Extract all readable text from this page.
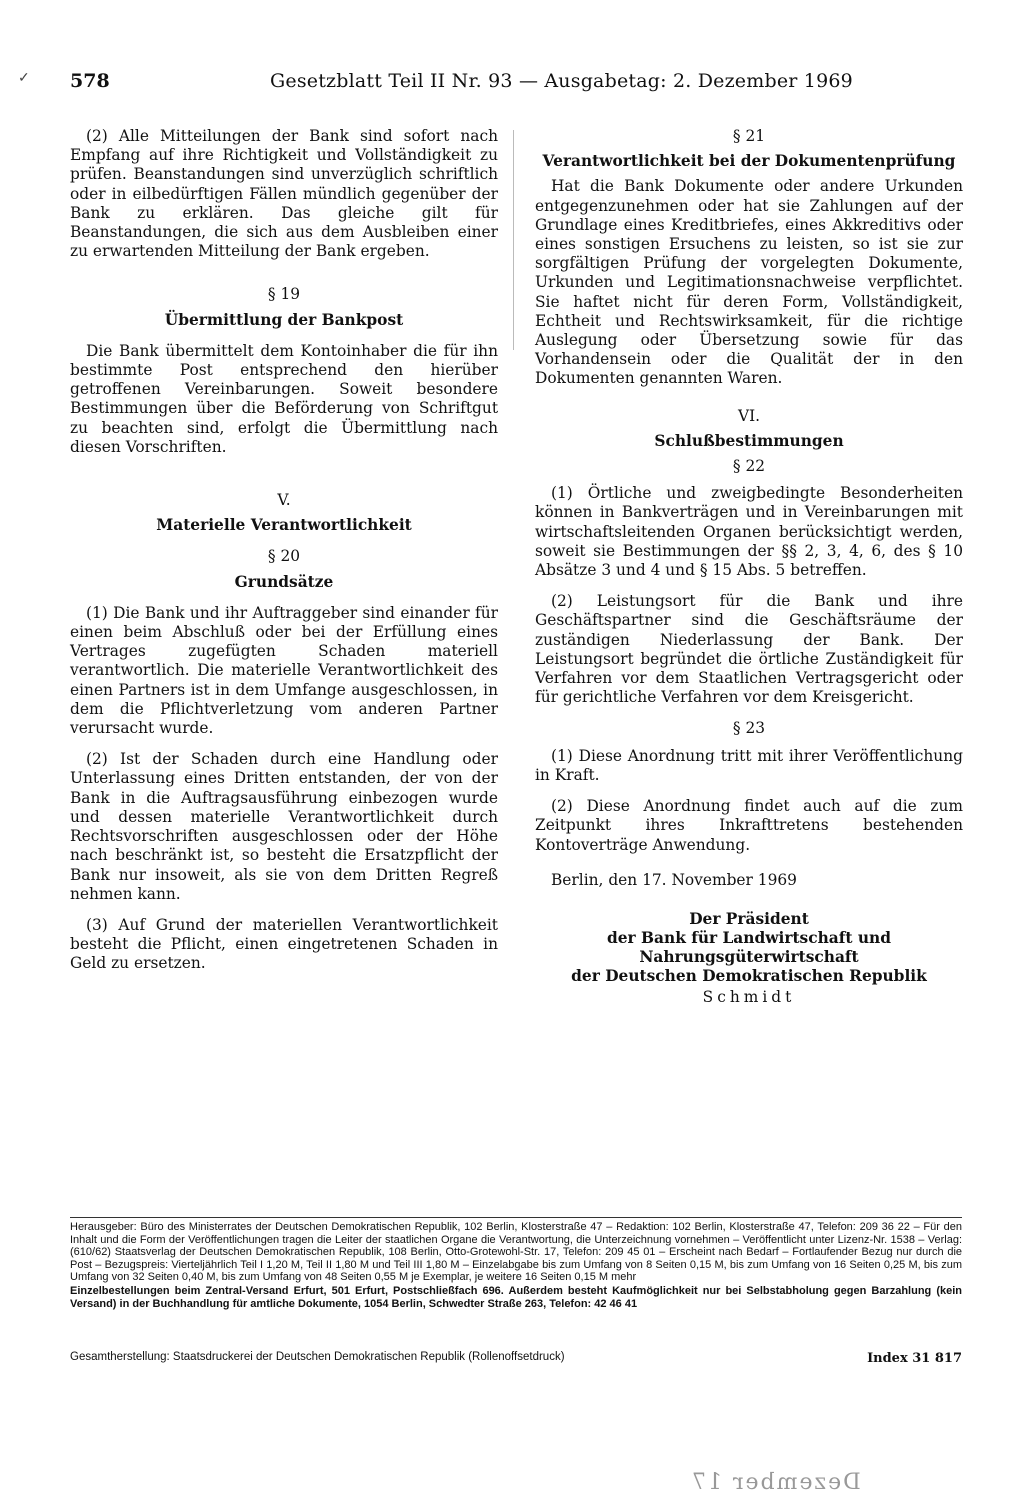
✓ 578	Gesetzblatt Teil II Nr. 93 — Ausgabetag: 2. Dezember 1969

(2) Alle Mitteilungen der Bank sind sofort nach Empfang auf ihre Richtigkeit und Vollständigkeit zu prüfen. Beanstandungen sind unverzüglich schriftlich oder in eilbedürftigen Fällen mündlich gegenüber der Bank zu erklären. Das gleiche gilt für Beanstandungen, die sich aus dem Ausbleiben einer zu erwartenden Mitteilung der Bank ergeben.

§ 19
Übermittlung der Bankpost

Die Bank übermittelt dem Kontoinhaber die für ihn bestimmte Post entsprechend den hierüber getroffenen Vereinbarungen. Soweit besondere Bestimmungen über die Beförderung von Schriftgut zu beachten sind, erfolgt die Übermittlung nach diesen Vorschriften.

V.
Materielle Verantwortlichkeit
§ 20
Grundsätze

(1) Die Bank und ihr Auftraggeber sind einander für einen beim Abschluß oder bei der Erfüllung eines Vertrages zugefügten Schaden materiell verantwortlich. Die materielle Verantwortlichkeit des einen Partners ist in dem Umfange ausgeschlossen, in dem die Pflichtverletzung vom anderen Partner verursacht wurde.

(2) Ist der Schaden durch eine Handlung oder Unterlassung eines Dritten entstanden, der von der Bank in die Auftragsausführung einbezogen wurde und dessen materielle Verantwortlichkeit durch Rechtsvorschriften ausgeschlossen oder der Höhe nach beschränkt ist, so besteht die Ersatzpflicht der Bank nur insoweit, als sie von dem Dritten Regreß nehmen kann.

(3) Auf Grund der materiellen Verantwortlichkeit besteht die Pflicht, einen eingetretenen Schaden in Geld zu ersetzen.

§ 21
Verantwortlichkeit bei der Dokumentenprüfung

Hat die Bank Dokumente oder andere Urkunden entgegenzunehmen oder hat sie Zahlungen auf der Grundlage eines Kreditbriefes, eines Akkreditivs oder eines sonstigen Ersuchens zu leisten, so ist sie zur sorgfältigen Prüfung der vorgelegten Dokumente, Urkunden und Legitimationsnachweise verpflichtet. Sie haftet nicht für deren Form, Vollständigkeit, Echtheit und Rechtswirksamkeit, für die richtige Auslegung oder Übersetzung sowie für das Vorhandensein oder die Qualität der in den Dokumenten genannten Waren.

VI.
Schlußbestimmungen
§ 22

(1) Örtliche und zweigbedingte Besonderheiten können in Bankverträgen und in Vereinbarungen mit wirtschaftsleitenden Organen berücksichtigt werden, soweit sie Bestimmungen der §§ 2, 3, 4, 6, des § 10 Absätze 3 und 4 und § 15 Abs. 5 betreffen.

(2) Leistungsort für die Bank und ihre Geschäftspartner sind die Geschäftsräume der zuständigen Niederlassung der Bank. Der Leistungsort begründet die örtliche Zuständigkeit für Verfahren vor dem Staatlichen Vertragsgericht oder für gerichtliche Verfahren vor dem Kreisgericht.

§ 23

(1) Diese Anordnung tritt mit ihrer Veröffentlichung in Kraft.

(2) Diese Anordnung findet auch auf die zum Zeitpunkt ihres Inkrafttretens bestehenden Kontoverträge Anwendung.

Berlin, den 17. November 1969
Der Präsident
der Bank für Landwirtschaft und
Nahrungsgüterwirtschaft
der Deutschen Demokratischen Republik
Schmidt
Herausgeber: Büro des Ministerrates der Deutschen Demokratischen Republik, 102 Berlin, Klosterstraße 47 – Redaktion: 102 Berlin, Klosterstraße 47, Telefon: 209 36 22 – Für den Inhalt und die Form der Veröffentlichungen tragen die Leiter der staatlichen Organe die Verantwortung, die Unterzeichnung vornehmen – Veröffentlicht unter Lizenz-Nr. 1538 – Verlag: (610/62) Staatsverlag der Deutschen Demokratischen Republik, 108 Berlin, Otto-Grotewohl-Str. 17, Telefon: 209 45 01 – Erscheint nach Bedarf – Fortlaufender Bezug nur durch die Post – Bezugspreis: Vierteljährlich Teil I 1,20 M, Teil II 1,80 M und Teil III 1,80 M – Einzelabgabe bis zum Umfang von 8 Seiten 0,15 M, bis zum Umfang von 16 Seiten 0,25 M, bis zum Umfang von 32 Seiten 0,40 M, bis zum Umfang von 48 Seiten 0,55 M je Exemplar, je weitere 16 Seiten 0,15 M mehr
Einzelbestellungen beim Zentral-Versand Erfurt, 501 Erfurt, Postschließfach 696. Außerdem besteht Kaufmöglichkeit nur bei Selbstabholung gegen Barzahlung (kein Versand) in der Buchhandlung für amtliche Dokumente, 1054 Berlin, Schwedter Straße 263, Telefon: 42 46 41
Gesamtherstellung: Staatsdruckerei der Deutschen Demokratischen Republik (Rollenoffsetdruck)	Index 31 817
Dezember 17
